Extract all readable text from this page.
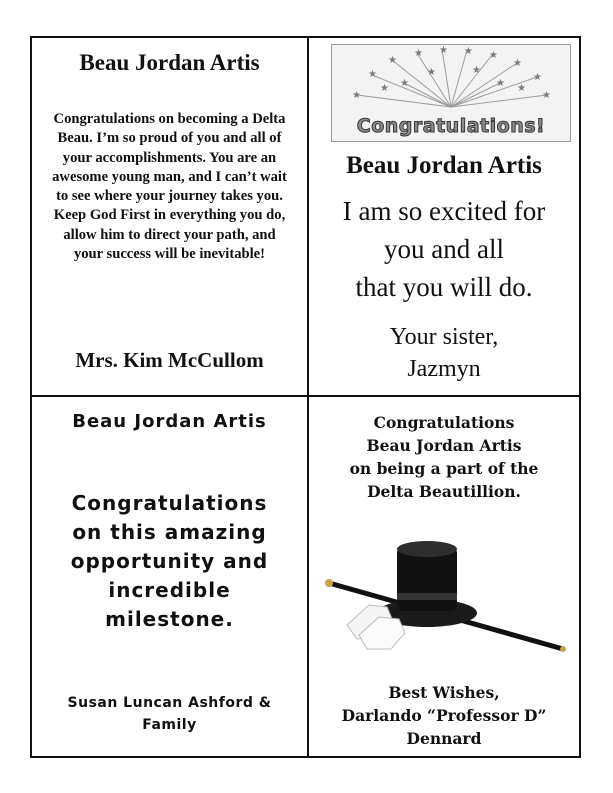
Beau Jordan Artis
Congratulations on becoming a Delta Beau. I’m so proud of you and all of your accomplishments. You are an awesome young man, and I can’t wait to see where your journey takes you. Keep God First in everything you do, allow him to direct your path, and your success will be inevitable!
Mrs. Kim McCullom
★
★
★ ★ ★ ★
★
★
★	★
★	★
★	★
★	★
Congratulations!
Beau Jordan Artis
I am so excited for
you and all
that you will do.
Your sister,
Jazmyn
Beau Jordan Artis
Congratulations
on this amazing
opportunity and
incredible
milestone.
Susan Luncan Ashford &
Family
Congratulations
Beau Jordan Artis
on being a part of the
Delta Beautillion.
Best Wishes,
Darlando “Professor D”
Dennard
